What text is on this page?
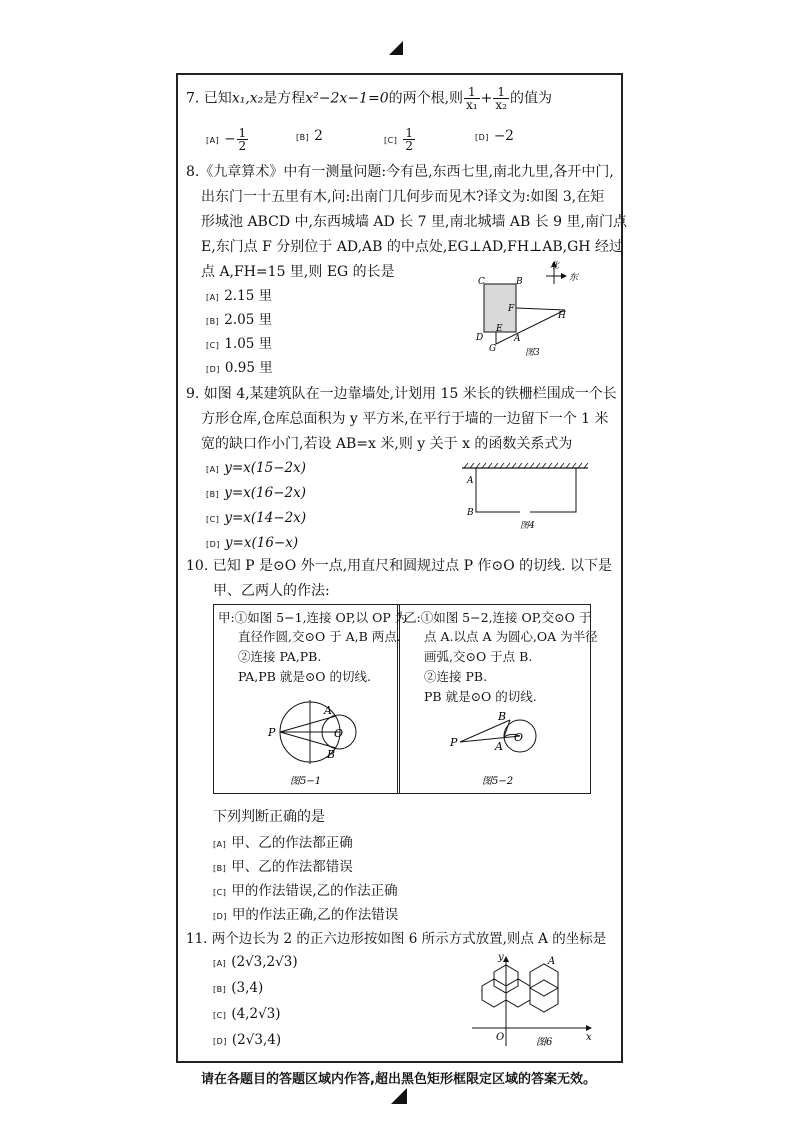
7. 已知x₁,x₂是方程x²−2x−1=0的两个根,则 $\frac{1}{\text{x₁}} + \frac{1}{\text{x₂}}$ 的值为
$[A] - \frac{1}{2}$	[B] 2	$[C] \frac{1}{2}$	[D] −2
8.《九章算术》中有一测量问题:今有邑,东西七里,南北九里,各开中门,
出东门一十五里有木,问:出南门几何步而见木?译文为:如图 3,在矩
形城池 ABCD 中,东西城墙 AD 长 7 里,南北城墙 AB 长 9 里,南门点
E,东门点 F 分别位于 AD,AB 的中点处,EG⊥AD,FH⊥AB,GH 经过
点 A,FH=15 里,则 EG 的长是
[A] 2.15 里
[B] 2.05 里
[C] 1.05 里
[D] 0.95 里
北
东
C	B
F
H
E
A
D
G	图3
9. 如图 4,某建筑队在一边靠墙处,计划用 15 米长的铁栅栏围成一个长
方形仓库,仓库总面积为 y 平方米,在平行于墙的一边留下一个 1 米
宽的缺口作小门,若设 AB=x 米,则 y 关于 x 的函数关系式为
[A] y=x(15−2x)
[B] y=x(16−2x)
[C] y=x(14−2x)
[D] y=x(16−x)
A
B
图4
10. 已知 P 是⊙O 外一点,用直尺和圆规过点 P 作⊙O 的切线. 以下是
甲、乙两人的作法:
甲:①如图 5−1,连接 OP,以 OP 为
直径作圆,交⊙O 于 A,B 两点.
②连接 PA,PB.
PA,PB 就是⊙O 的切线.
乙:①如图 5−2,连接 OP,交⊙O 于
点 A.以点 A 为圆心,OA 为半径
画弧,交⊙O 于点 B.
②连接 PB.
PB 就是⊙O 的切线.
P
A
B
O
图5−1
P	A
B
O
图5−2
下列判断正确的是
[A] 甲、乙的作法都正确
[B] 甲、乙的作法都错误
[C] 甲的作法错误,乙的作法正确
[D] 甲的作法正确,乙的作法错误
11. 两个边长为 2 的正六边形按如图 6 所示方式放置,则点 A 的坐标是
[A] (2√3,2√3)
[B] (3,4)
[C] (4,2√3)
[D] (2√3,4)
A
O	x
y
图6
请在各题目的答题区域内作答,超出黑色矩形框限定区域的答案无效。
